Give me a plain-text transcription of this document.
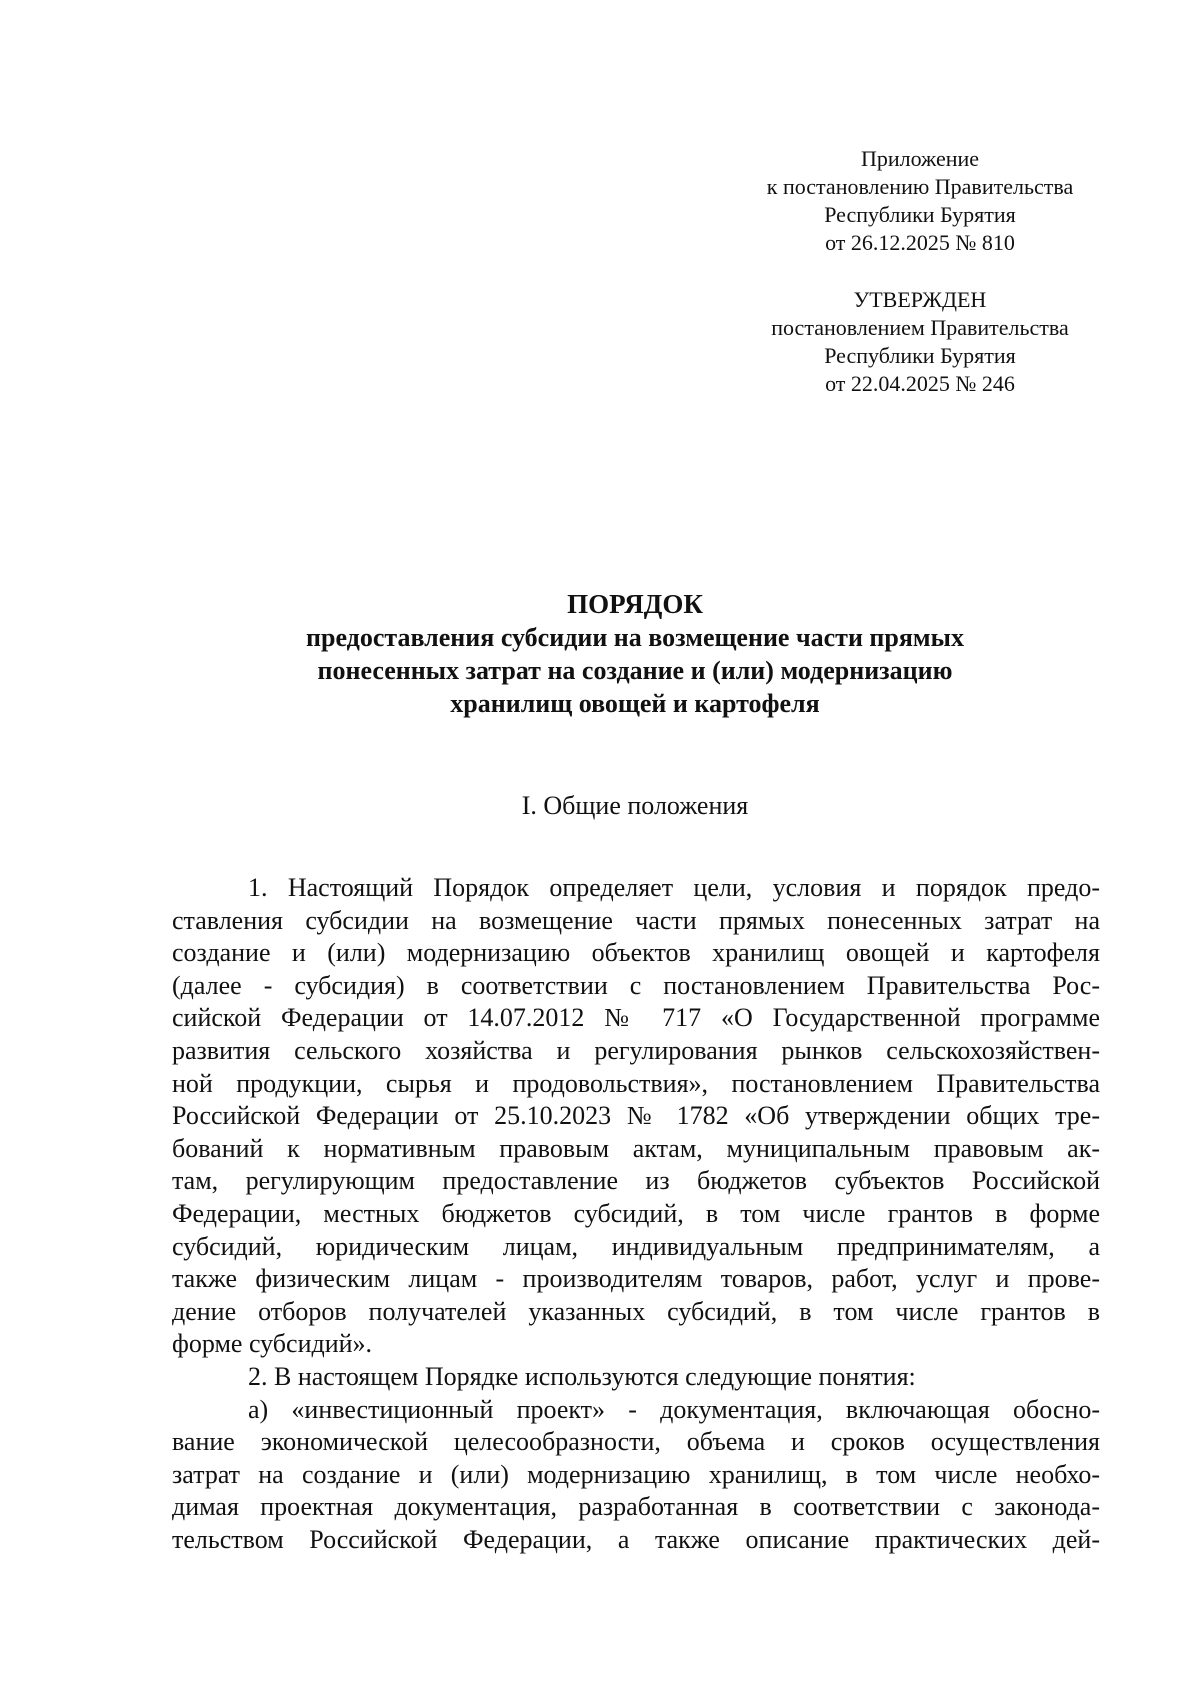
Приложение
к постановлению Правительства
Республики Бурятия
от 26.12.2025 № 810
УТВЕРЖДЕН
постановлением Правительства
Республики Бурятия
от 22.04.2025 № 246
ПОРЯДОК
предоставления субсидии на возмещение части прямых
понесенных затрат на создание и (или) модернизацию
хранилищ овощей и картофеля
I. Общие положения
1. Настоящий Порядок определяет цели, условия и порядок предо-
ставления субсидии на возмещение части прямых понесенных затрат на
создание и (или) модернизацию объектов хранилищ овощей и картофеля
(далее - субсидия) в соответствии с постановлением Правительства Рос-
сийской Федерации от 14.07.2012 № 717 «О Государственной программе
развития сельского хозяйства и регулирования рынков сельскохозяйствен-
ной продукции, сырья и продовольствия», постановлением Правительства
Российской Федерации от 25.10.2023 № 1782 «Об утверждении общих тре-
бований к нормативным правовым актам, муниципальным правовым ак-
там, регулирующим предоставление из бюджетов субъектов Российской
Федерации, местных бюджетов субсидий, в том числе грантов в форме
субсидий, юридическим лицам, индивидуальным предпринимателям, а
также физическим лицам - производителям товаров, работ, услуг и прове-
дение отборов получателей указанных субсидий, в том числе грантов в
форме субсидий».
2. В настоящем Порядке используются следующие понятия:
а) «инвестиционный проект» - документация, включающая обосно-
вание экономической целесообразности, объема и сроков осуществления
затрат на создание и (или) модернизацию хранилищ, в том числе необхо-
димая проектная документация, разработанная в соответствии с законода-
тельством Российской Федерации, а также описание практических дей-
